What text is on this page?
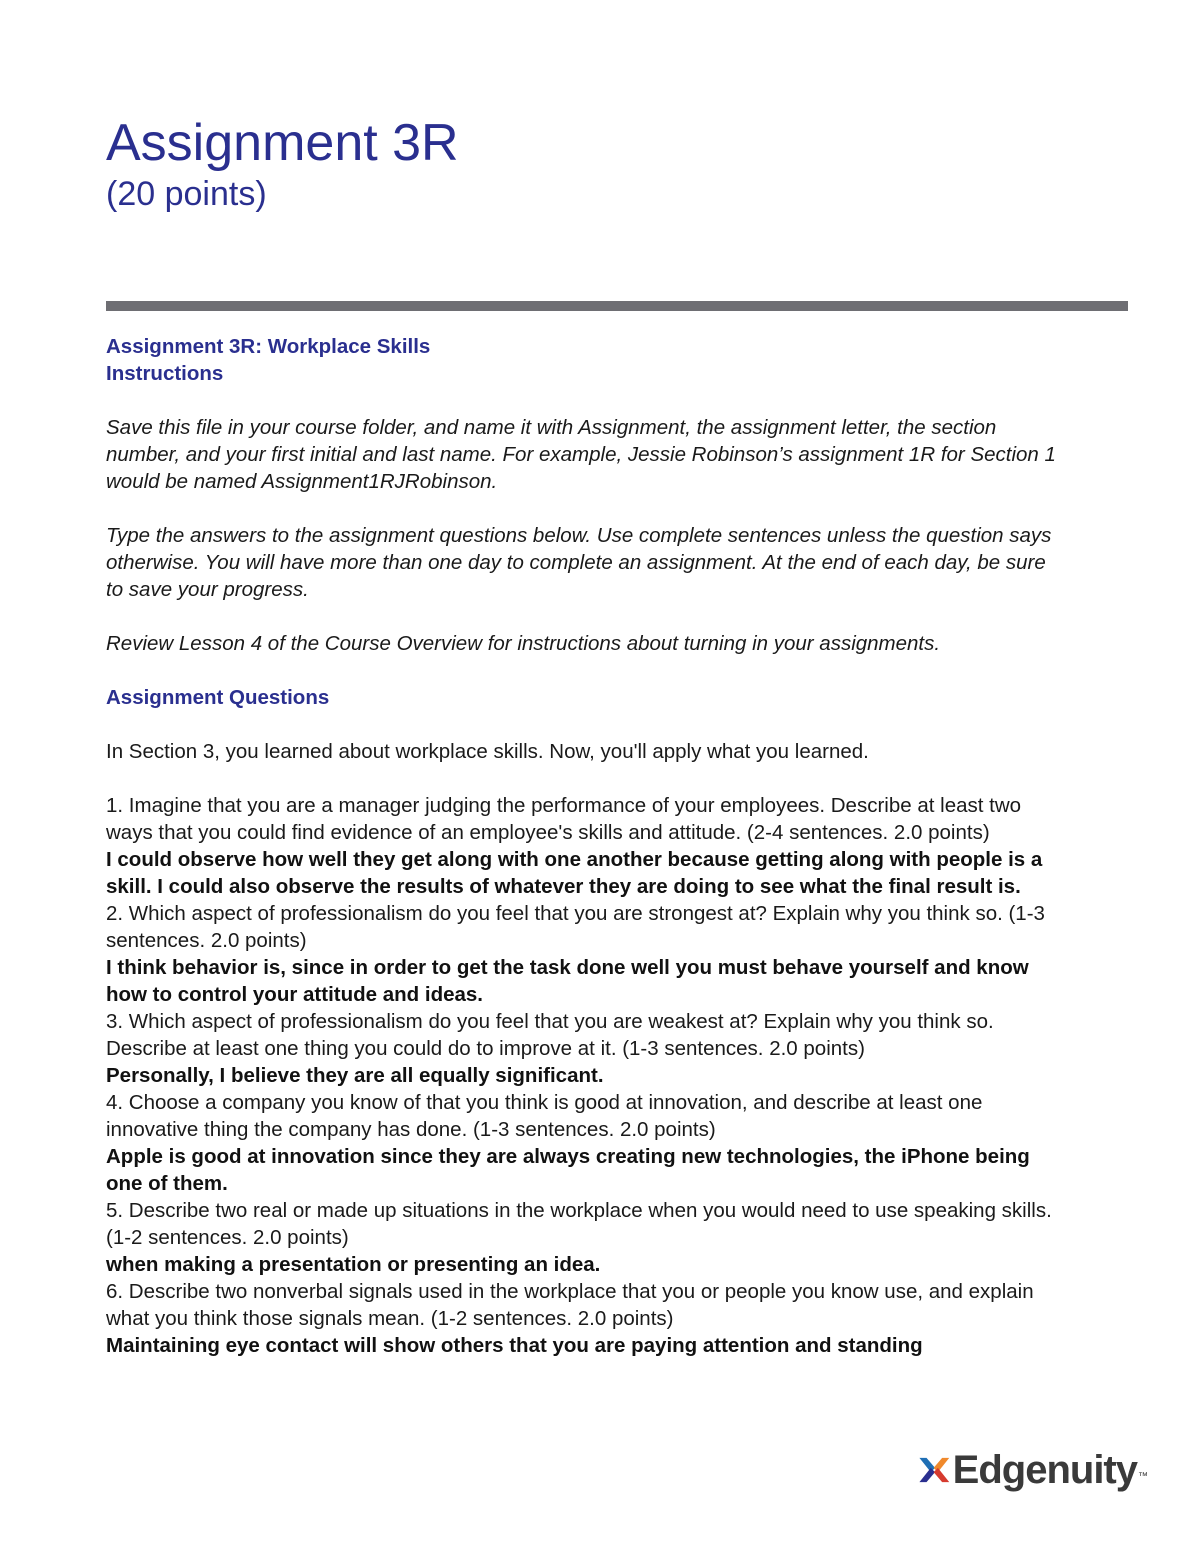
Assignment 3R

(20 points)

Assignment 3R: Workplace Skills

Instructions

Save this file in your course folder, and name it with Assignment, the assignment letter, the section number, and your first initial and last name. For example, Jessie Robinson’s assignment 1R for Section 1 would be named Assignment1RJRobinson.

Type the answers to the assignment questions below. Use complete sentences unless the question says otherwise. You will have more than one day to complete an assignment. At the end of each day, be sure to save your progress.

Review Lesson 4 of the Course Overview for instructions about turning in your assignments.

Assignment Questions

In Section 3, you learned about workplace skills. Now, you'll apply what you learned.

1. Imagine that you are a manager judging the performance of your employees. Describe at least two ways that you could find evidence of an employee's skills and attitude. (2-4 sentences. 2.0 points)

I could observe how well they get along with one another because getting along with people is a skill. I could also observe the results of whatever they are doing to see what the final result is.

2. Which aspect of professionalism do you feel that you are strongest at? Explain why you think so. (1-3 sentences. 2.0 points)

I think behavior is, since in order to get the task done well you must behave yourself and know how to control your attitude and ideas.

3. Which aspect of professionalism do you feel that you are weakest at? Explain why you think so. Describe at least one thing you could do to improve at it. (1-3 sentences. 2.0 points)

Personally, I believe they are all equally significant.

4. Choose a company you know of that you think is good at innovation, and describe at least one innovative thing the company has done. (1-3 sentences. 2.0 points)

Apple is good at innovation since they are always creating new technologies, the iPhone being one of them.

5. Describe two real or made up situations in the workplace when you would need to use speaking skills. (1-2 sentences. 2.0 points)

when making a presentation or presenting an idea.

6. Describe two nonverbal signals used in the workplace that you or people you know use, and explain what you think those signals mean. (1-2 sentences. 2.0 points)

Maintaining eye contact will show others that you are paying attention and standing

Edgenuity ™
